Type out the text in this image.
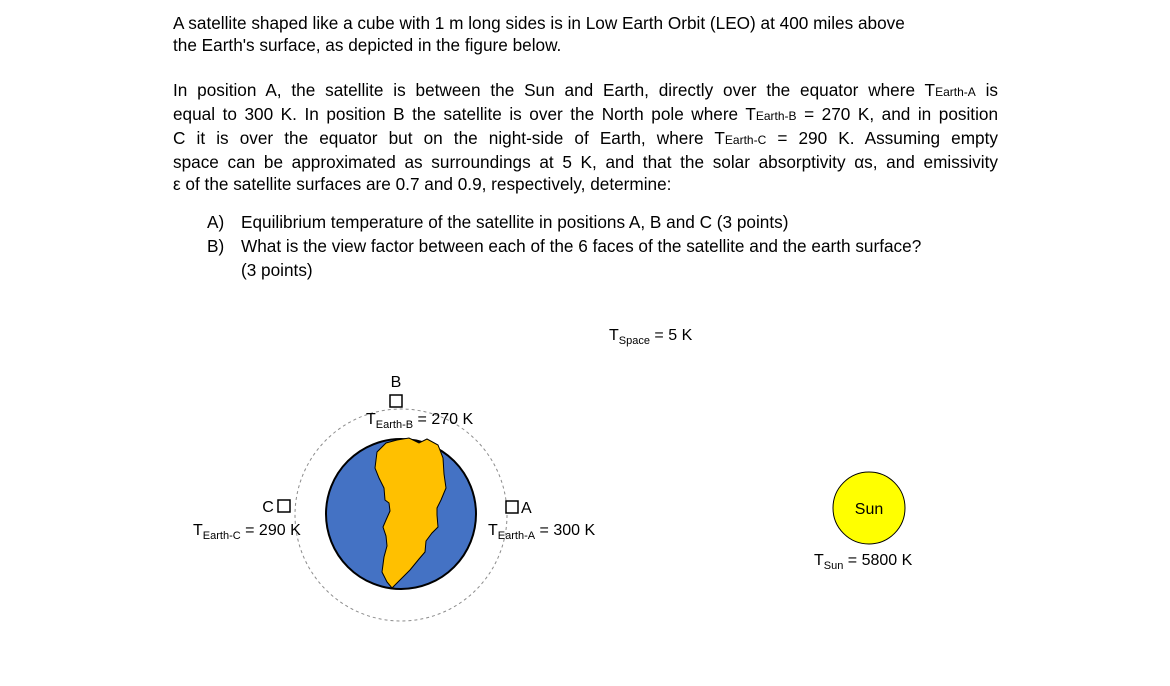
A satellite shaped like a cube with 1 m long sides is in Low Earth Orbit (LEO) at 400 miles above
the Earth's surface, as depicted in the figure below.
In position A, the satellite is between the Sun and Earth, directly over the equator where TEarth-A is
equal to 300 K. In position B the satellite is over the North pole where TEarth-B = 270 K, and in position
C it is over the equator but on the night-side of Earth, where TEarth-C = 290 K. Assuming empty
space can be approximated as surroundings at 5 K, and that the solar absorptivity αs, and emissivity
ε of the satellite surfaces are 0.7 and 0.9, respectively, determine:
A) Equilibrium temperature of the satellite in positions A, B and C (3 points)
B) What is the view factor between each of the 6 faces of the satellite and the earth surface?
(3 points)
B
$T_{Earth-B} = 270$ K
C
$T_{Earth-C} = 290$ K
A
$T_{Earth-A} = 300$ K
$T_{Space} = 5$ K
Sun
$T_{Sun} = 5800$ K
